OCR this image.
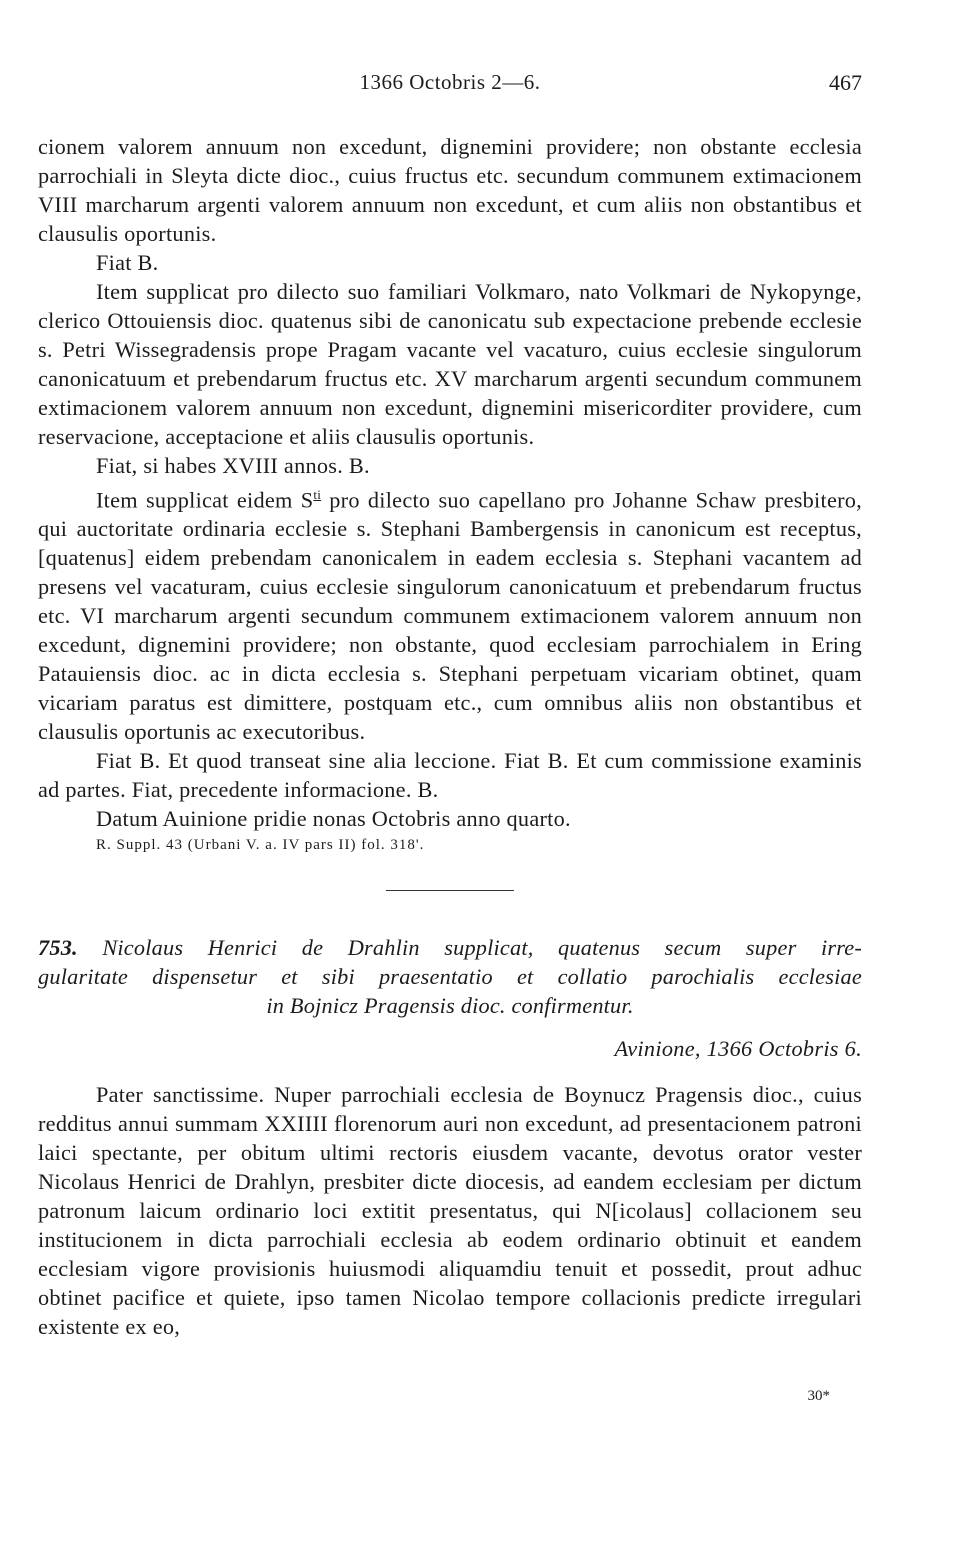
1366 Octobris 2—6.	467

cionem valorem annuum non excedunt, dignemini providere; non obstante ecclesia parrochiali in Sleyta dicte dioc., cuius fructus etc. secundum communem extimacionem VIII marcharum argenti valorem annuum non excedunt, et cum aliis non obstantibus et clausulis oportunis.

Fiat B.

Item supplicat pro dilecto suo familiari Volkmaro, nato Volkmari de Nykopynge, clerico Ottouiensis dioc. quatenus sibi de canonicatu sub expectacione prebende ecclesie s. Petri Wissegradensis prope Pragam vacante vel vacaturo, cuius ecclesie singulorum canonicatuum et prebendarum fructus etc. XV marcharum argenti secundum communem extimacionem valorem annuum non excedunt, dignemini misericorditer providere, cum reservacione, acceptacione et aliis clausulis oportunis.

Fiat, si habes XVIII annos. B.

Item supplicat eidem $S^{ti}$ pro dilecto suo capellano pro Johanne Schaw presbitero, qui auctoritate ordinaria ecclesie s. Stephani Bambergensis in canonicum est receptus, [quatenus] eidem prebendam canonicalem in eadem ecclesia s. Stephani vacantem ad presens vel vacaturam, cuius ecclesie singulorum canonicatuum et prebendarum fructus etc. VI marcharum argenti secundum communem extimacionem valorem annuum non excedunt, dignemini providere; non obstante, quod ecclesiam parrochialem in Ering Patauiensis dioc. ac in dicta ecclesia s. Stephani perpetuam vicariam obtinet, quam vicariam paratus est dimittere, postquam etc., cum omnibus aliis non obstantibus et clausulis oportunis ac executoribus.

Fiat B. Et quod transeat sine alia leccione. Fiat B. Et cum commissione examinis ad partes. Fiat, precedente informacione. B.

Datum Auinione pridie nonas Octobris anno quarto.

R. Suppl. 43 (Urbani V. a. IV pars II) fol. 318'.
753. Nicolaus Henrici de Drahlin supplicat, quatenus secum super irre-
gularitate dispensetur et sibi praesentatio et collatio parochialis ecclesiae
in Bojnicz Pragensis dioc. confirmentur.
Avinione, 1366 Octobris 6.

Pater sanctissime. Nuper parrochiali ecclesia de Boynucz Pragensis dioc., cuius redditus annui summam XXIIII florenorum auri non excedunt, ad presentacionem patroni laici spectante, per obitum ultimi rectoris eiusdem vacante, devotus orator vester Nicolaus Henrici de Drahlyn, presbiter dicte diocesis, ad eandem ecclesiam per dictum patronum laicum ordinario loci extitit presentatus, qui N[icolaus] collacionem seu institucionem in dicta parrochiali ecclesia ab eodem ordinario obtinuit et eandem ecclesiam vigore provisionis huiusmodi aliquamdiu tenuit et possedit, prout adhuc obtinet pacifice et quiete, ipso tamen Nicolao tempore collacionis predicte irregulari existente ex eo,

30*
